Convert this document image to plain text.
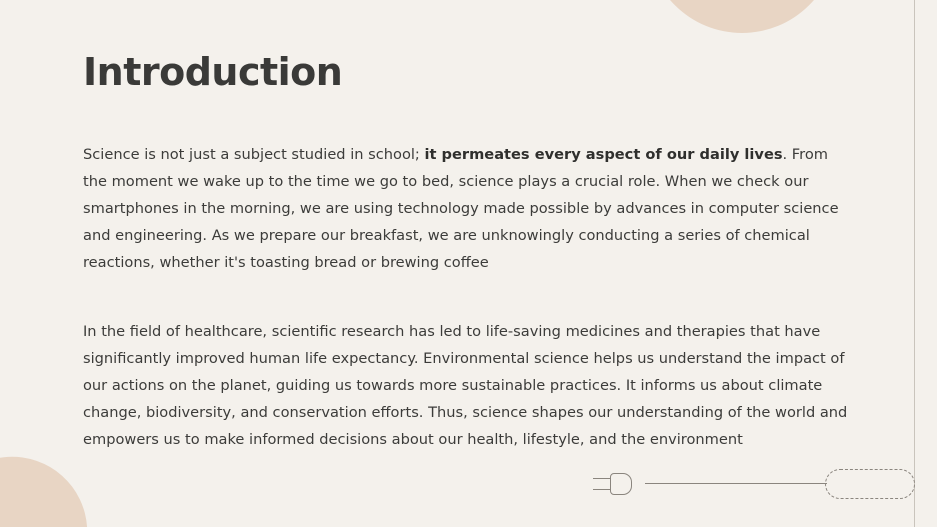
Introduction

Science is not just a subject studied in school; it permeates every aspect of our daily lives. From the moment we wake up to the time we go to bed, science plays a crucial role. When we check our smartphones in the morning, we are using technology made possible by advances in computer science and engineering. As we prepare our breakfast, we are unknowingly conducting a series of chemical reactions, whether it's toasting bread or brewing coffee

In the field of healthcare, scientific research has led to life-saving medicines and therapies that have significantly improved human life expectancy. Environmental science helps us understand the impact of our actions on the planet, guiding us towards more sustainable practices. It informs us about climate change, biodiversity, and conservation efforts. Thus, science shapes our understanding of the world and empowers us to make informed decisions about our health, lifestyle, and the environment
